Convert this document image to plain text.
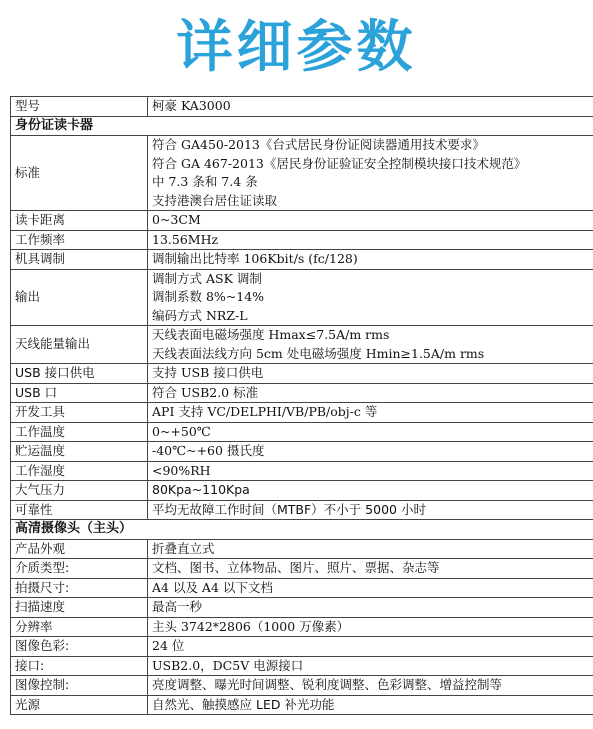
详细参数
型号	柯豪 KA3000
身份证读卡器	
标准	符合 GA450-2013《台式居民身份证阅读器通用技术要求》
符合 GA 467-2013《居民身份证验证安全控制模块接口技术规范》
中 7.3 条和 7.4 条
支持港澳台居住证读取

读卡距离	0~3CM
工作频率	13.56MHz
机具调制	调制输出比特率 106Kbit/s (fc/128)
输出	调制方式 ASK 调制
调制系数 8%~14%
编码方式 NRZ-L

天线能量输出	天线表面电磁场强度 Hmax≤7.5A/m rms
天线表面法线方向 5cm 处电磁场强度 Hmin≥1.5A/m rms

USB 接口供电	支持 USB 接口供电
USB 口	符合 USB2.0 标准
开发工具	API 支持 VC/DELPHI/VB/PB/obj-c 等
工作温度	0~+50℃
贮运温度	-40℃~+60 摄氏度
工作湿度	<90%RH
大气压力	80Kpa~110Kpa
可靠性	平均无故障工作时间（MTBF）不小于 5000 小时
高清摄像头（主头）	
产品外观	折叠直立式
介质类型:	文档、图书、立体物品、图片、照片、票据、杂志等
拍摄尺寸:	A4 以及 A4 以下文档
扫描速度	最高一秒
分辨率	主头 3742*2806（1000 万像素）
图像色彩:	24 位
接口:	USB2.0，DC5V 电源接口
图像控制:	亮度调整、曝光时间调整、锐利度调整、色彩调整、增益控制等
光源	自然光、触摸感应 LED 补光功能
